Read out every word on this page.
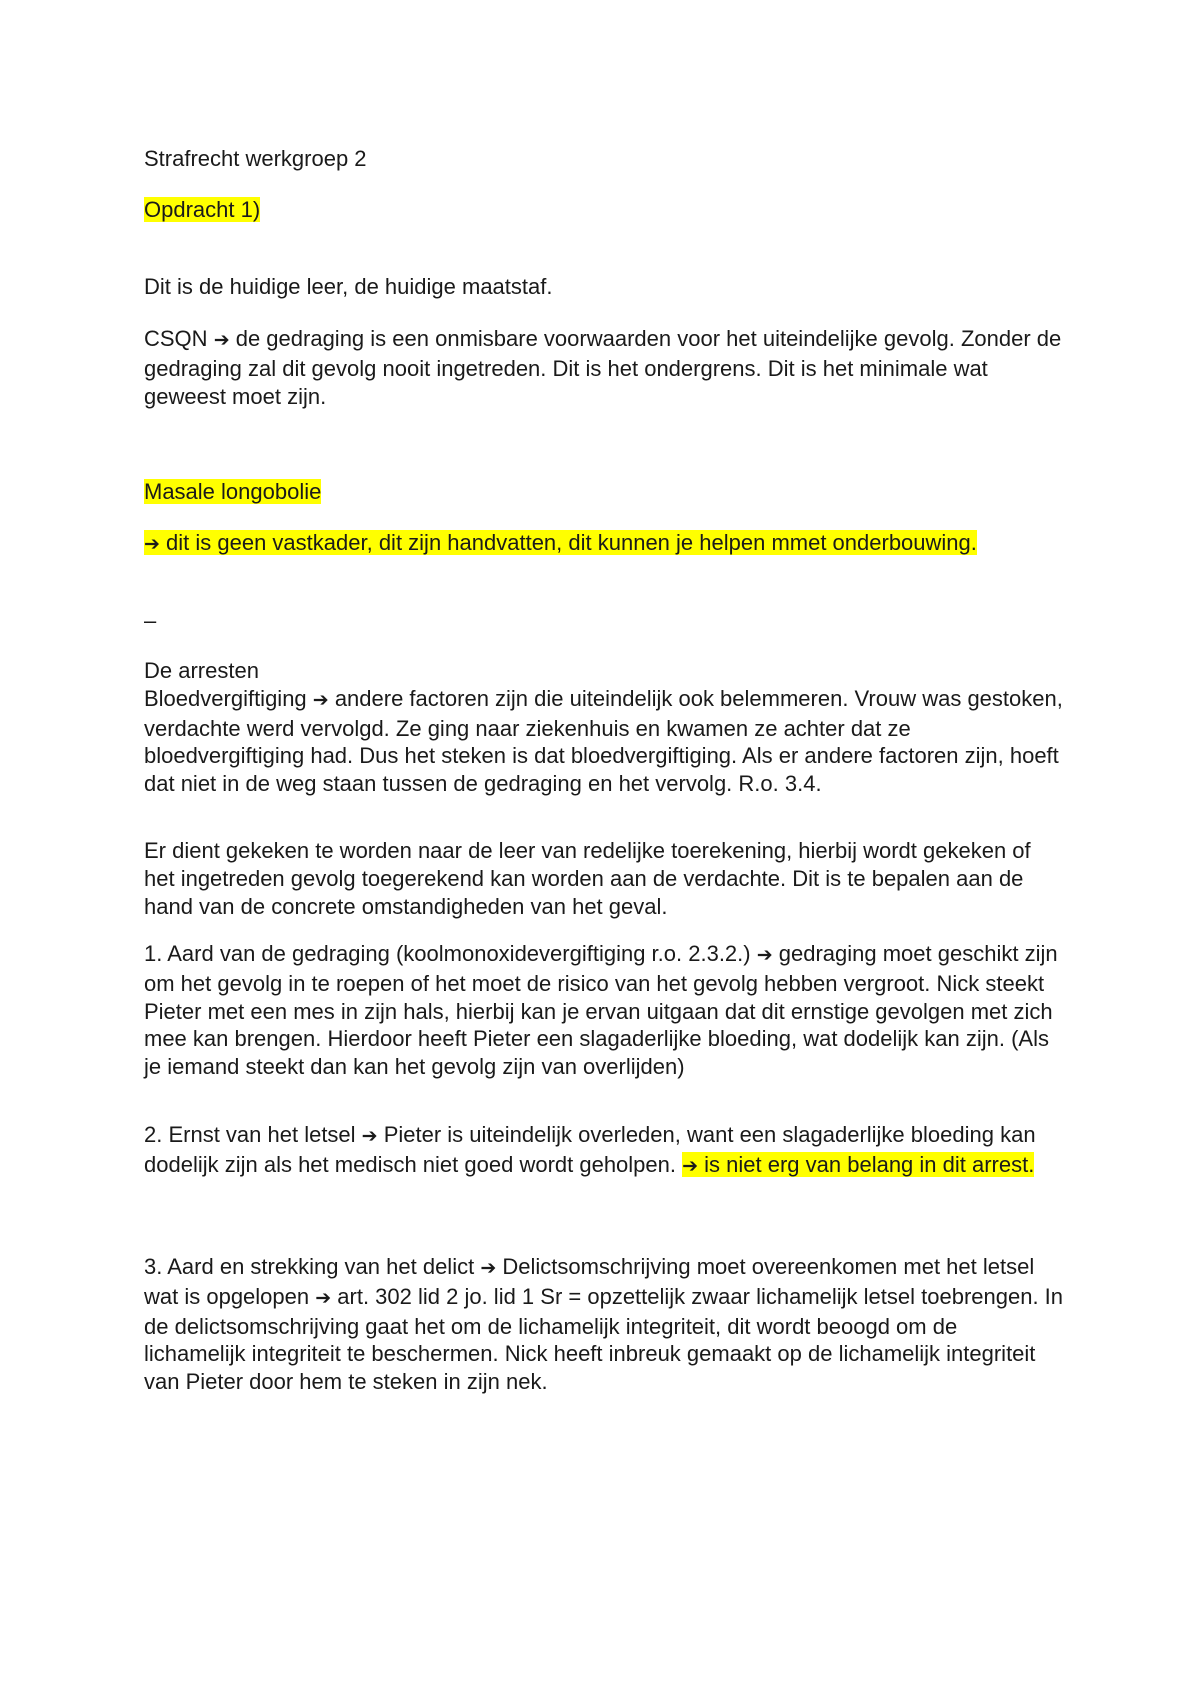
Strafrecht werkgroep 2
Opdracht 1)
Dit is de huidige leer, de huidige maatstaf.
CSQN ➔ de gedraging is een onmisbare voorwaarden voor het uiteindelijke gevolg. Zonder de gedraging zal dit gevolg nooit ingetreden. Dit is het ondergrens. Dit is het minimale wat geweest moet zijn.
Masale longobolie
➔ dit is geen vastkader, dit zijn handvatten, dit kunnen je helpen mmet onderbouwing.
–
De arresten
Bloedvergiftiging ➔ andere factoren zijn die uiteindelijk ook belemmeren. Vrouw was gestoken, verdachte werd vervolgd. Ze ging naar ziekenhuis en kwamen ze achter dat ze bloedvergiftiging had. Dus het steken is dat bloedvergiftiging. Als er andere factoren zijn, hoeft dat niet in de weg staan tussen de gedraging en het vervolg. R.o. 3.4.
Er dient gekeken te worden naar de leer van redelijke toerekening, hierbij wordt gekeken of het ingetreden gevolg toegerekend kan worden aan de verdachte. Dit is te bepalen aan de hand van de concrete omstandigheden van het geval.
1. Aard van de gedraging (koolmonoxidevergiftiging r.o. 2.3.2.) ➔ gedraging moet geschikt zijn om het gevolg in te roepen of het moet de risico van het gevolg hebben vergroot. Nick steekt Pieter met een mes in zijn hals, hierbij kan je ervan uitgaan dat dit ernstige gevolgen met zich mee kan brengen. Hierdoor heeft Pieter een slagaderlijke bloeding, wat dodelijk kan zijn. (Als je iemand steekt dan kan het gevolg zijn van overlijden)
2. Ernst van het letsel ➔ Pieter is uiteindelijk overleden, want een slagaderlijke bloeding kan dodelijk zijn als het medisch niet goed wordt geholpen. ➔ is niet erg van belang in dit arrest.
3. Aard en strekking van het delict ➔ Delictsomschrijving moet overeenkomen met het letsel wat is opgelopen ➔ art. 302 lid 2 jo. lid 1 Sr = opzettelijk zwaar lichamelijk letsel toebrengen. In de delictsomschrijving gaat het om de lichamelijk integriteit, dit wordt beoogd om de lichamelijk integriteit te beschermen. Nick heeft inbreuk gemaakt op de lichamelijk integriteit van Pieter door hem te steken in zijn nek.
